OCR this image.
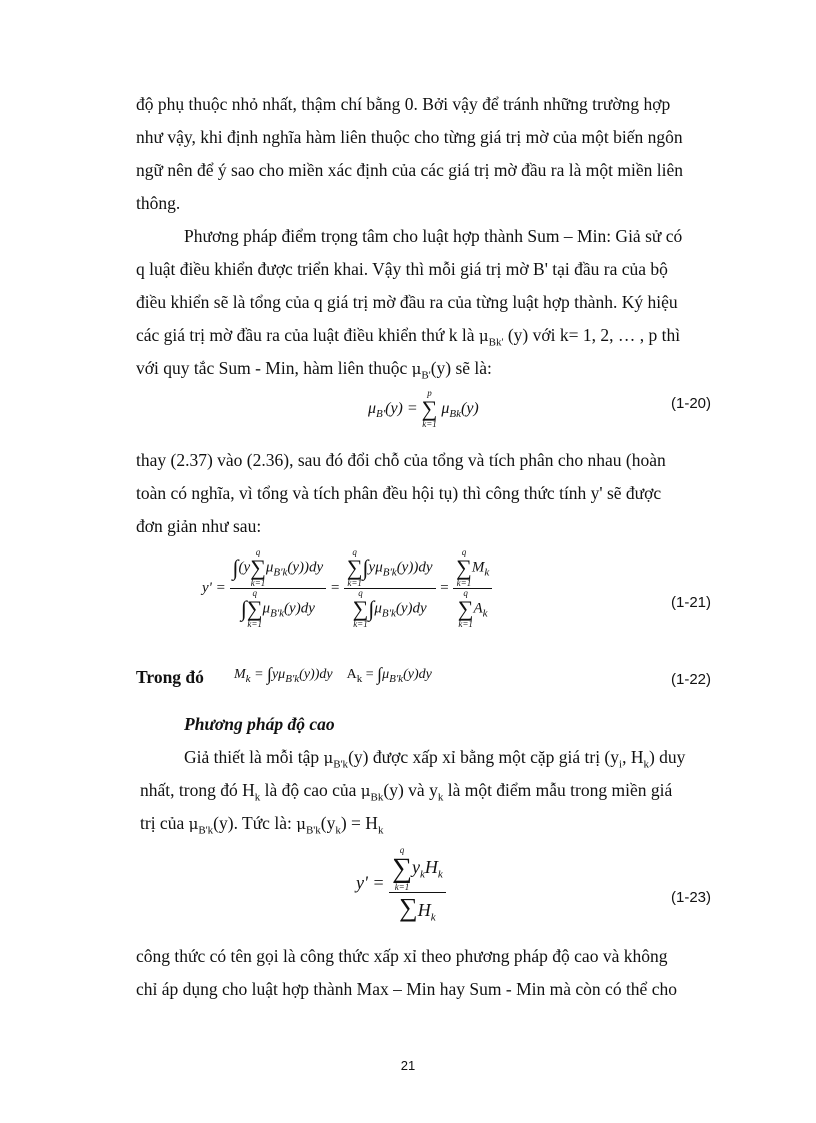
độ phụ thuộc nhỏ nhất, thậm chí bằng 0. Bởi vậy để tránh những trường hợp
như vậy, khi định nghĩa hàm liên thuộc cho từng giá trị mờ của một biến ngôn
ngữ nên để ý sao cho miền xác định của các giá trị mờ đầu ra là một miền liên
thông.
Phương pháp điểm trọng tâm cho luật hợp thành Sum – Min: Giả sử có
q luật điều khiển được triển khai. Vậy thì mỗi giá trị mờ B' tại đầu ra của bộ
điều khiển sẽ là tổng của q giá trị mờ đầu ra của từng luật hợp thành. Ký hiệu
các giá trị mờ đầu ra của luật điều khiển thứ k là $\mu_{Bk'}$ (y) với k= 1, 2, … , p thì
với quy tắc Sum - Min, hàm liên thuộc $\mu_{B'}(y)$ sẽ là:
$\mu_{B'}(y)$ =
p
∑
k=1
$\mu_{Bk}(y)$	(1-20)
thay (2.37) vào (2.36), sau đó đổi chỗ của tổng và tích phân cho nhau (hoàn
toàn có nghĩa, vì tổng và tích phân đều hội tụ) thì công thức tính y' sẽ được
đơn giản như sau:
y' = ∫(y
q
∑
k=1
$\mu_{B'k}(y))dy$
∫
q
∑
k=1
$\mu_{B'k}(y)dy = q$
∑
k=1
$\int y\mu_{B'k}(y))dy$
q
∑
k=1
$\int\mu_{B'k}(y)dy = q$
∑
k=1
$M_k$
q
∑
k=1
$A_k$	(1-21)
Trong đó $M_k = \int y\mu_{B'k}(y))dy$    $A_k = \int\mu_{B'k}(y)dy$	(1-22)
Phương pháp độ cao
Giả thiết là mỗi tập $\mu_{B'k}(y)$ được xấp xỉ bằng một cặp giá trị ($y_i$, $H_k$) duy
nhất, trong đó $H_k$ là độ cao của $\mu_{Bk}(y)$ và $y_k$ là một điểm mẫu trong miền giá
trị của $\mu_{B'k}(y)$. Tức là: $\mu_{B'k}(y_k) = H_k$
y' = q
∑
k=1
$y_kH_k$
$\sum H_k$	(1-23)
công thức có tên gọi là công thức xấp xỉ theo phương pháp độ cao và không
chỉ áp dụng cho luật hợp thành Max – Min hay Sum - Min mà còn có thể cho
21
